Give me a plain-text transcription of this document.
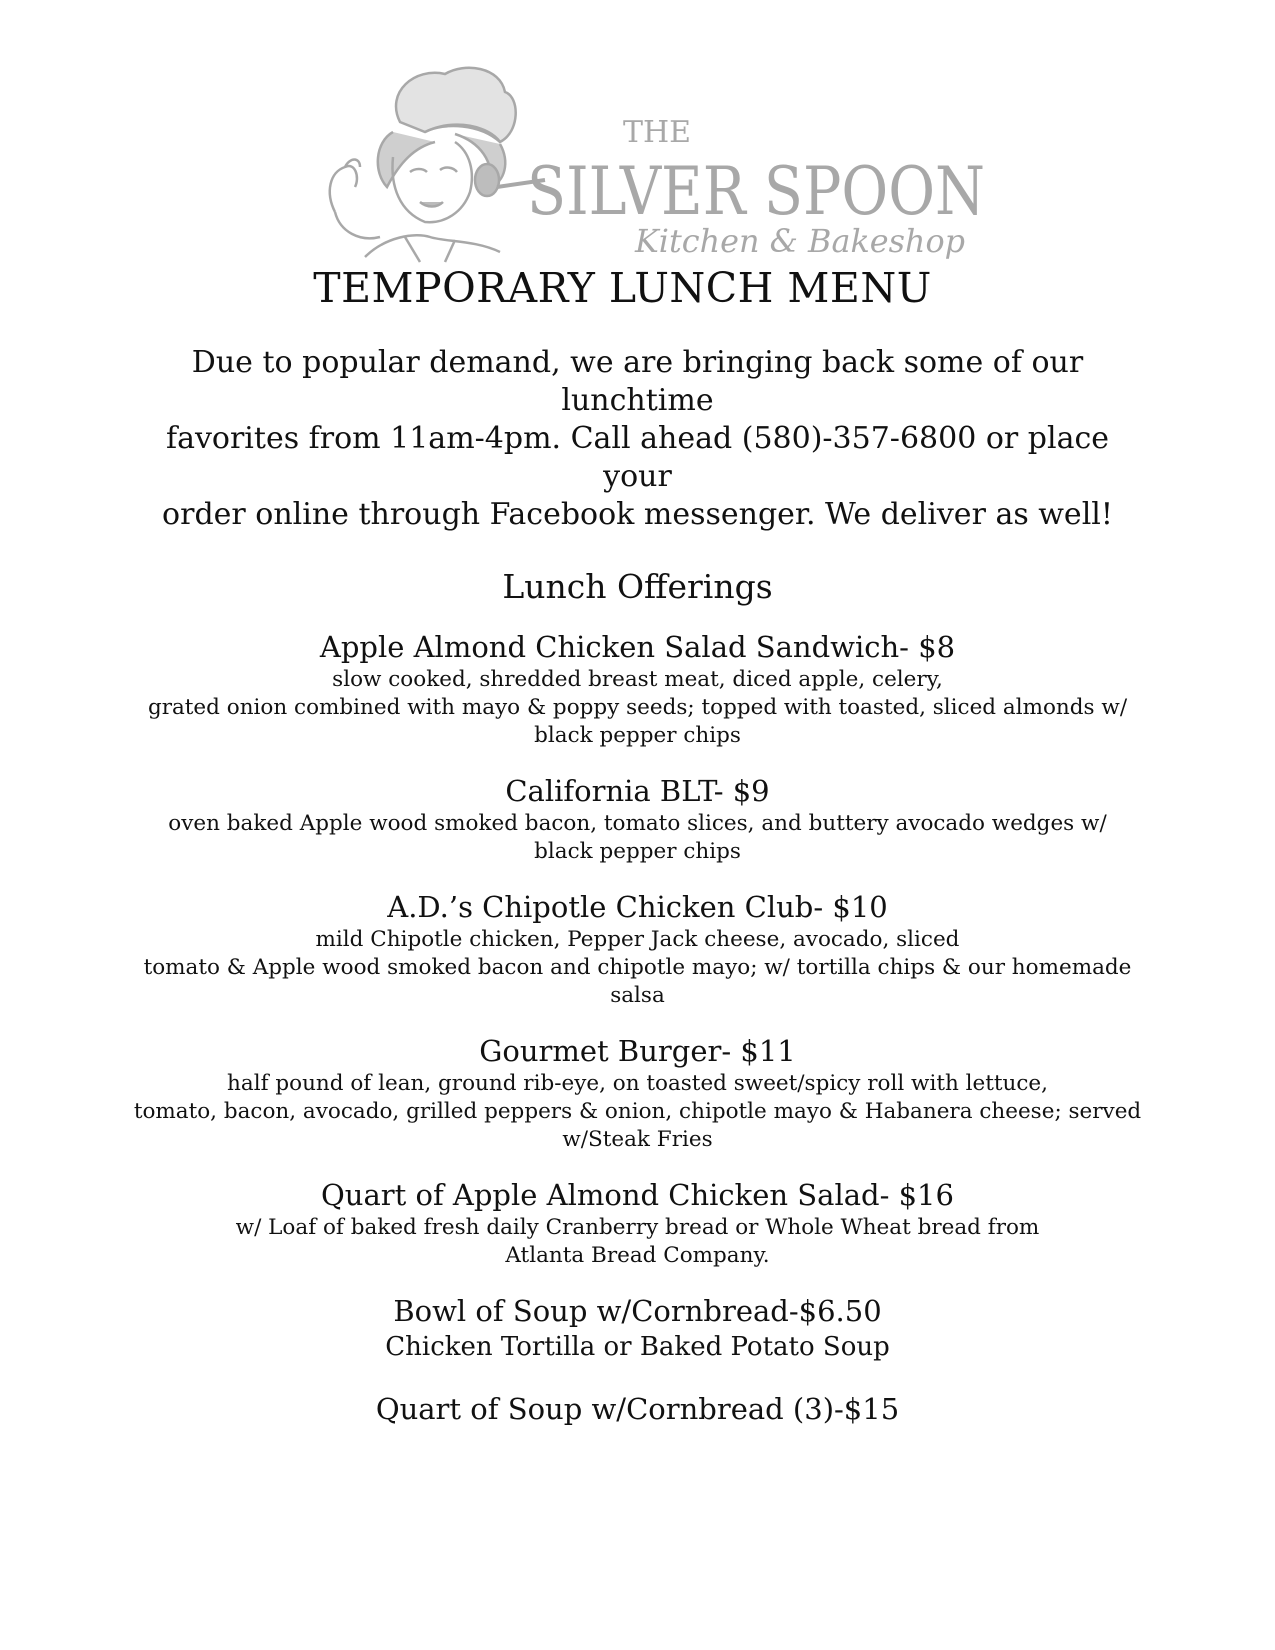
THE
SILVER SPOON
Kitchen & Bakeshop
TEMPORARY LUNCH MENU
Due to popular demand, we are bringing back some of our lunchtime
favorites from 11am-4pm. Call ahead (580)-357-6800 or place your
order online through Facebook messenger. We deliver as well!
Lunch Offerings
Apple Almond Chicken Salad Sandwich- $8
slow cooked, shredded breast meat, diced apple, celery,
grated onion combined with mayo & poppy seeds; topped with toasted, sliced almonds w/
black pepper chips
California BLT- $9
oven baked Apple wood smoked bacon, tomato slices, and buttery avocado wedges w/
black pepper chips
A.D.’s Chipotle Chicken Club- $10
mild Chipotle chicken, Pepper Jack cheese, avocado, sliced
tomato & Apple wood smoked bacon and chipotle mayo; w/ tortilla chips & our homemade
salsa
Gourmet Burger- $11
half pound of lean, ground rib-eye, on toasted sweet/spicy roll with lettuce,
tomato, bacon, avocado, grilled peppers & onion, chipotle mayo & Habanera cheese; served
w/Steak Fries
Quart of Apple Almond Chicken Salad- $16
w/ Loaf of baked fresh daily Cranberry bread or Whole Wheat bread from
Atlanta Bread Company.
Bowl of Soup w/Cornbread-$6.50
Chicken Tortilla or Baked Potato Soup
Quart of Soup w/Cornbread (3)-$15
